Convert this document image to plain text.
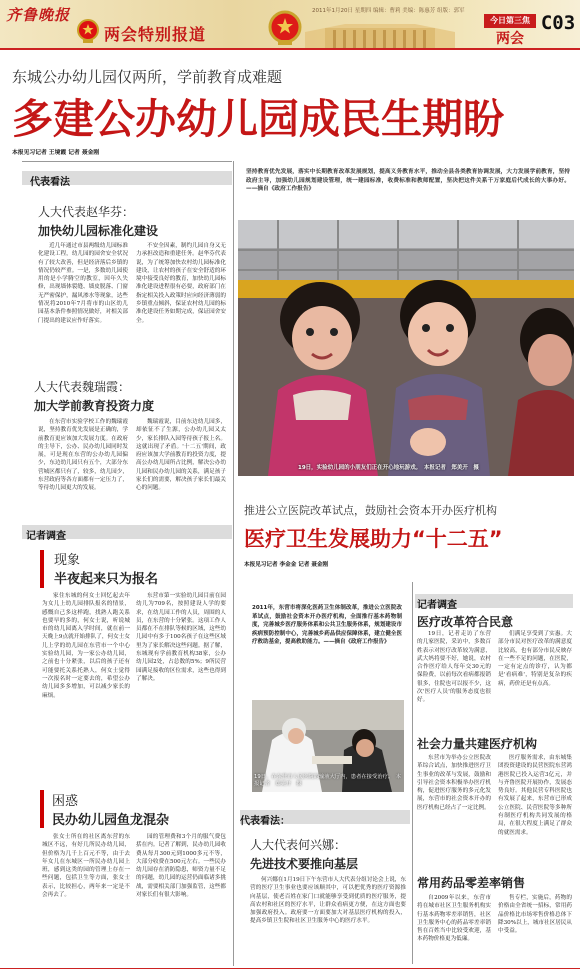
齐鲁晚报	2011年1月20日 星期四 编辑：曹莉 美编：陈惠芳 组版：郭军
两会特别报道
今日第三焦
两会
C03
东城公办幼儿园仅两所，学前教育成难题
多建公办幼儿园成民生期盼
本报见习记者 王境霞 记者 聂金刚
代表看法
人大代表赵华芬：
加快幼儿园标准化建设
近几年通过市县两级幼儿园标准化建设工程，幼儿园的园舍安全状况有了较大改善，但是经济落后乡镇的情况仍较严重。一是，多数幼儿园使用的是小学腾空的教室，因年久失修，出现墙体裂缝、墙皮脱落、门窗无严密保护，漏风渗水等现象，达些情况将2010年7月将市的山区幼儿园基本条件参照情况做好，对相关部门提出的建议应作好落实。
不安全因素，制约儿园自身又无力承担改造和重建任务。赵华芬代表说，为了统筹加快农村幼儿园标准化建设，让农村的孩子在安全舒适的环境中接受良好的教育，加快幼儿园标准化建设进程很有必要，政府部门在指定相关投入政策时应向经济薄弱的乡镇重点倾斜，保证农村幼儿园的标准化建设任务如期完成，保证园舍安全。
人大代表魏瑞霞：
加大学前教育投资力度
在东营市实验学校工作的魏瑞霞说，坚持教育优先发展是正确的，学前教育更应该加大发展力度。在政府的主导下，公办、民办幼儿园同时发展，可是现在东营的公办幼儿园偏少，东边幼儿园只有五个，大部分东营城区都只有了，较多，幼儿园少，东营政府等各方面都有一定压力了，等待幼儿园更大的发展。
魏瑞霞说，目前东边幼儿园多，却依征不了生源，公办幼儿园又太少，家长排队入园等待孩子报上名。这就出现了矛盾。'十二五'期间，政府应该加大学前教育的投资力度，提高公办幼儿园所占比例，解决公办幼儿园和民办幼儿园的关系，满足孩子家长们的需要，解决孩子家长们最关心的问题。
记者调查
现象
半夜起来只为报名
家住东城的何女士回忆起去年为女儿上幼儿园排队报名的情景，感慨自己多这样跑，找熟人跑关系也要早的多的，何女士说，听说城市的幼儿园离入学时间，就在前一天晚上9点就开始排队了，何女士女儿上学的幼儿园在东营市一个中心实验幼儿园，为一家公办幼儿园，之前也十分紧张，以后的孩子还有可能要托关系托熟人，何女士觉得一次报名时一定要去的，希望公办幼儿园多多增加，可以减少家长的麻烦。
东营市第一实验幼儿园目前在园幼儿为709名，按照建设人学的要求，在幼儿园工作的人员，周围的人员，在东营的十分紧张。这项工作人员都在不在排队等候的区域，这些幼儿园中有多于100名孩子在这些区域里为了家长解决这些问题。据了解，东城现有学前教育机构38家，公办幼儿园2处，占总数的5%；9所民营园满足接收的区位需求，这些也得到了解决。
困惑
民办幼儿园鱼龙混杂
张女士所在的社区离东营的东城区不远，有好几所民办幼儿园，但价格为几千上百元不等，由于去年女儿在东城区一所民办幼儿园上班，感到这类的园的管理上存在一些问题，包括卫生等方面，张女士表示，比较担心，两年来一定是不会再去了。
园的管理费和3个月的服气费包括在内。记者了解到，民办幼儿园收费从每月300元到1000多元不等，大部分收费在500元左右。一些民办幼儿园存在消防隐患，师资力量不足的问题，幼儿园的运营仍面临诸多挑战，需要相关部门加强监管，这些都对家长们有很大影响。
坚持教育优先发展，落实中长期教育改革发展规划，提高义务教育水平，推动全县各类教育协调发展，大力发展学前教育，坚持政府主导，加强幼儿园规划建设管理，统一建园标准，收费标准和教师配置，坚决把这件关系千万家庭后代成长的大事办好。——摘自《政府工作报告》
19日，实验幼儿园的小朋友们正在开心地玩游戏。　本报记者　郑美开　摄
推进公立医院改革试点，鼓励社会资本开办医疗机构
医疗卫生发展助力“十二五”
本报见习记者 李金金 记者 聂金刚
2011年，东营市将深化医药卫生体制改革，推进公立医院改革试点，鼓励社会资本开办医疗机构，全面推行基本药物制度，完善城乡医疗服务体系和公共卫生服务体系，规划建设市疾病预防控制中心，完善城乡药品供应保障体系，建立健全医疗救助基金，提高救助能力。——摘自《政府工作报告》
19日，在东营市人民医院的输液大厅内，患者在接受治疗。　本报记者　郑美开　摄
代表看法：
人大代表何兴娜：
先进技术要推向基层
何兴娜在1月19日下午东营市人大代表分组讨论会上说，东营的医疗卫生事业也要应该顺其中，可以把优秀的医疗资源推向基层，使老百姓在家门口就能够享受到优质的医疗服务，提高农村和社区的医疗水平，让群众看病更方便，在这方面也要加强政府投入。政府要一方面要加大对基层医疗机构的投入，提高乡镇卫生院和社区卫生服务中心的医疗水平。
记者调查
医疗改革符合民意
19日，记者走访了东营的几家医院，采访中，多数百姓表示对医疗改革较为满意，武大妈将要不好，她说，农村合作医疗给人每年交30元的保险费，以前每次看病都报销很多，住院也可以报不少，这次'医疗人员'的服务态度也很好。
们满足享受到了实惠。大部分市民对医疗改革的满意度比较高，也有部分市民反映存在一些不足的问题，在医院，一定有定点的诊疗，认为都是'看病难'，特别是复杂的疾病，药价还是有点高。
社会力量共建医疗机构
东营市为举办公立医院改革综合试点，加快推进医疗卫生事业的改革与发展，鼓励和引导社会资本积极举办医疗机构，促进医疗服务的多元化发展，东营市的社会资本开办的医疗机构已经占了一定比例。
医疗服务需求，由东城集团投资建设的民营医院东营鸿港医院已投入运营3亿元，并与齐鲁医院开展协作，发展态势良好。其他民营专科医院也有发展了起来，东营市已形成公立医院、民营医院等多种所有制医疗机构共同发展的格局，在很大程度上满足了群众的就医需求。
常用药品零差率销售
自2009年以来，东营市将在城市社区卫生服务机构实行基本药物零差率销售，社区卫生服务中心的药品零差率销售在百姓当中比较受欢迎，基本药物价格更为低廉。
售专栏，实施后，药物的价格由全省统一招标，常用药品价格比市场零售价格总体下降30%以上，城市社区居民从中受益。
